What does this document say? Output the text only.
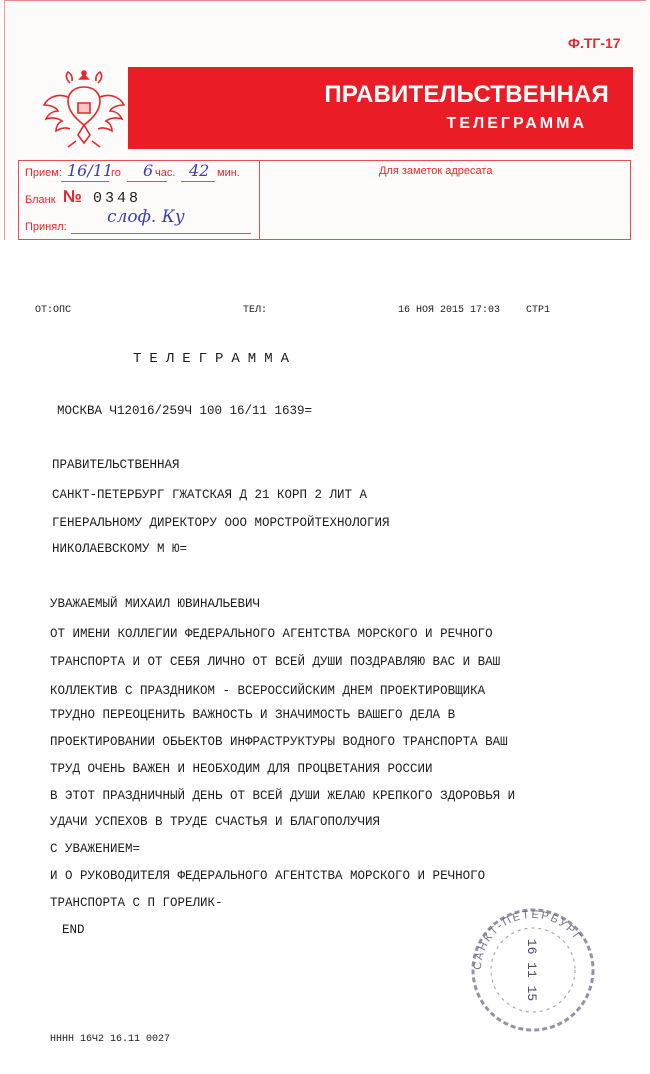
Ф.ТГ-17
ПРАВИТЕЛЬСТВЕННАЯ
ТЕЛЕГРАММА
Прием: 16/11
го 6 час. 42 мин.
Бланк № 0348
Принял: слоф. Ку
Для заметок адресата
ОТ:ОПС	ТЕЛ:	16 НОЯ 2015 17:03	СТР1
ТЕЛЕГРАММА
МОСКВА Ч12016/259Ч 100 16/11 1639=
ПРАВИТЕЛЬСТВЕННАЯ
САНКТ-ПЕТЕРБУРГ ГЖАТСКАЯ Д 21 КОРП 2 ЛИТ А
ГЕНЕРАЛЬНОМУ ДИРЕКТОРУ ООО МОРСТРОЙТЕХНОЛОГИЯ
НИКОЛАЕВСКОМУ М Ю=
УВАЖАЕМЫЙ МИХАИЛ ЮВИНАЛЬЕВИЧ
ОТ ИМЕНИ КОЛЛЕГИИ ФЕДЕРАЛЬНОГО АГЕНТСТВА МОРСКОГО И РЕЧНОГО
ТРАНСПОРТА И ОТ СЕБЯ ЛИЧНО ОТ ВСЕЙ ДУШИ ПОЗДРАВЛЯЮ ВАС И ВАШ
КОЛЛЕКТИВ С ПРАЗДНИКОМ - ВСЕРОССИЙСКИМ ДНЕМ ПРОЕКТИРОВЩИКА
ТРУДНО ПЕРЕОЦЕНИТЬ ВАЖНОСТЬ И ЗНАЧИМОСТЬ ВАШЕГО ДЕЛА В
ПРОЕКТИРОВАНИИ ОБЬЕКТОВ ИНФРАСТРУКТУРЫ ВОДНОГО ТРАНСПОРТА ВАШ
ТРУД ОЧЕНЬ ВАЖЕН И НЕОБХОДИМ ДЛЯ ПРОЦВЕТАНИЯ РОССИИ
В ЭТОТ ПРАЗДНИЧНЫЙ ДЕНЬ ОТ ВСЕЙ ДУШИ ЖЕЛАЮ КРЕПКОГО ЗДОРОВЬЯ И
УДАЧИ УСПЕХОВ В ТРУДЕ СЧАСТЬЯ И БЛАГОПОЛУЧИЯ
С УВАЖЕНИЕМ=
И О РУКОВОДИТЕЛЯ ФЕДЕРАЛЬНОГО АГЕНТСТВА МОРСКОГО И РЕЧНОГО
ТРАНСПОРТА С П ГОРЕЛИК-
END
НННН 16Ч2 16.11 0027
САНКТ-ПЕТЕРБУРГ
16 11 15
